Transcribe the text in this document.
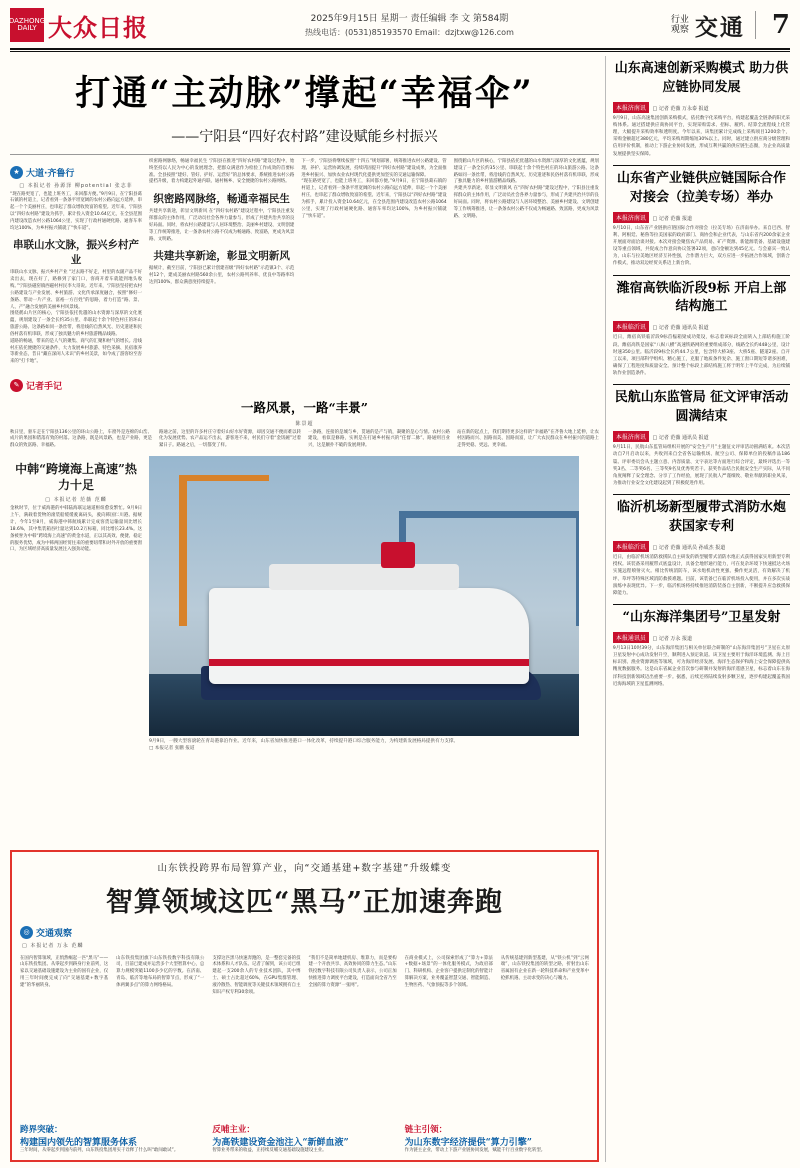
DAZHONG
DAILY 大众日报	2025年9月15日 星期一 责任编辑 李 文 第584期
热线电话：(0531)85193570 Email：dzjtxw@126.com
行业
观察 交通 7
打通“主动脉”撑起“幸福伞”
——宁阳县“四好农村路”建设赋能乡村振兴
★ 大道·齐鲁行
□ 本报记者 孙源泽 柳potential 张志菲
“现在路更宽了，也能上班务工，来回都方便。”9月9日，在宁阳县葛石镇的村道上，记者看到一条条平坦宽阔的农村公路向远方延伸，串起一个个美丽村庄，也串起了群众增收致富的希望。近年来，宁阳县以“四好农村路”建设为抓手，累计投入资金10.64亿元，在全县范围内建设改造农村公路1064公里，实现了行政村通硬化路、通客车率均达100%，为乡村振兴铺就了“快车道”。
串联山水文脉，振兴乡村产业
串联山水文脉，振兴乡村产业 “过去路不好走，村里的农副产品不好卖出去，现在好了，路修到了家门口，客商开着车就能到地头收购。”宁阳县磁窑镇西磁村村民李大哥说。近年来，宁阳县坚持把农村公路建设与产业发展、乡村旅游、文化传承深度融合，按照“修好一条路、带动一片产业、富裕一方百姓”的思路，着力打造“路、景、人、产”融合发展的美丽乡村风景线。
围绕鹤山片区的核心，宁阳县依托优越的山水资源与深厚的文化底蕴，规划建设了一条全长约35公里、串联起十余个特色村庄的环山旅游公路。这条路如同一条丝带，将沿线的自然风光、历史遗迹和民俗村落有机串联，形成了独具魅力的乡村旅游精品线路。
道路的畅通，带来的是人气的聚集、商气的汇聚和财气的增长。沿线村庄依托便捷的交通条件，大力发展乡村旅游、特色采摘、民宿康养等新业态，昔日“藏在深闺人未识”的乡村美景，如今成了游客纷至沓来的“打卡地”。
织密路网脉络，畅通幸福民生 宁阳县在推进“四好农村路”建设过程中，始终坚持以人民为中心的发展理念，把群众满意作为检验工作成效的首要标准。全县按照“建好、管好、护好、运营好”的总体要求，系统推进农村公路提档升级，着力构建起外通内联、通村畅乡、安全便捷的农村公路网络。
织密路网脉络，畅通幸福民生
共建共享新途，彰显文明新风 在“四好农村路”建设过程中，宁阳县注重发挥群众的主体作用，广泛动员社会各界力量参与，形成了共建共治共享的良好局面。同时，将农村公路建设与人居环境整治、美丽乡村建设、文明创建等工作统筹推进，让一条条农村公路不仅成为畅通路、致富路，更成为风景路、文明路。
共建共享新途，彰显文明新风
据统计，截至目前，宁阳县已累计创建省级“四好农村路”示范镇3个、示范村12个，建成美丽农村路560余公里，农村公路列养率、优良中等路率均达到100%，群众满意度持续提升。
下一步，宁阳县将继续按照“十四五”规划部署，统筹推进农村公路建设、管理、养护、运营协调发展，持续巩固提升“四好农村路”建设成果，为全面推进乡村振兴、加快农业农村现代化提供更加坚实的交通运输保障。
“现在路更宽了，也能上班务工，来回都方便。”9月9日，在宁阳县葛石镇的村道上，记者看到一条条平坦宽阔的农村公路向远方延伸，串起一个个美丽村庄，也串起了群众增收致富的希望。近年来，宁阳县以“四好农村路”建设为抓手，累计投入资金10.64亿元，在全县范围内建设改造农村公路1064公里，实现了行政村通硬化路、通客车率均达100%，为乡村振兴铺就了“快车道”。
围绕鹤山片区的核心，宁阳县依托优越的山水资源与深厚的文化底蕴，规划建设了一条全长约35公里、串联起十余个特色村庄的环山旅游公路。这条路如同一条丝带，将沿线的自然风光、历史遗迹和民俗村落有机串联，形成了独具魅力的乡村旅游精品线路。
共建共享新途，彰显文明新风 在“四好农村路”建设过程中，宁阳县注重发挥群众的主体作用，广泛动员社会各界力量参与，形成了共建共治共享的良好局面。同时，将农村公路建设与人居环境整治、美丽乡村建设、文明创建等工作统筹推进，让一条条农村公路不仅成为畅通路、致富路，更成为风景路、文明路。
✎ 记者手记
一路风景，一路“丰景”
陈景超
秋日里，驱车走在宁阳县136公里的环山公路上，车窗外是连绵的山峦、成片的果园和错落有致的村落。这条路，既是风景路，也是产业路，更是群众的致富路、幸福路。
路通之前，这里的许多村庄守着好山好水好资源，却因交通不便而难以转化为发展优势。农产品运不出去，游客进不来，村民们守着“金饭碗”过着紧日子。路通之后，一切都变了样。
一条路，连接的是城与乡，贯通的是产与销，凝聚的是心与情。农村公路建设，看似是修路，实则是在打通乡村振兴的“任督二脉”。路通则百业兴，这是颠扑不破的发展规律。
站在新的起点上，我们期待更多这样的“幸福路”在齐鲁大地上延伸，让农村因路而兴、因路而美、因路而富，让广大农民群众在乡村振兴的道路上走得更稳、更远、更幸福。
中韩“跨境海上高速”热力十足
□ 本报记者 范薇 范麟
金秋时节，位于威海港的中韩陆海联运通道枢纽愈发繁忙。9月9日上午，满载着货物的滚装船缓缓驶离码头，驶向韩国仁川港。据统计，今年1至8月，威海港中韩航线累计完成客货运输量同比增长18.6%，其中集装箱吞吐量达到10.2万标箱，同比增长23.4%。这条被誉为中韩“跨境海上高速”的黄金水道，正以其高效、便捷、稳定的服务优势，成为中韩两国经贸往来的重要纽带和对外开放的重要窗口，为区域经济高质量发展注入强劲动能。
9月9日，一艘大型客滚轮在青岛港靠泊作业。近年来，山东省加快推进港口一体化改革，持续提升港口综合服务能力，为构建新发展格局提供有力支撑。
□ 本报记者 张鹏 报道
山东铁投跨界布局智算产业，向“交通基建+数字基建”升级蝶变
智算领域这匹“黑马”正加速奔跑
◎ 交通观察
□ 本报记者 万永 范麟
在国内智算领域，正悄然崛起一匹“黑马”——山东铁投集团。从零起步到跻身行业前列，这家以交通基础设施建设为主业的国有企业，仅用三年时间便完成了向“交通基建+数字基建”的华丽转身。
山东铁投集团旗下山东铁投数字科技有限公司，目前已建成并运营多个大型智算中心，总算力规模突破1100多少亿的字数。在济南、青岛、临沂等地布局的智算节点，形成了“一体两翼多点”的算力网络格局。
支撑这匹黑马快速奔跑的，是一整套完备的技术体系和人才队伍。记者了解到，该公司已组建起一支200余人的专业技术团队，其中博士、硕士占比超过60%，在GPU集群管理、液冷散热、智能调度等关键技术领域拥有自主知识产权专利30余项。
“我们不是简单地建机房、堆算力，而是要构建一个开放共享、高效协同的算力生态。”山东铁投数字科技有限公司负责人表示，公司正加快推进算力调度平台建设，打造面向全省乃至全国的算力资源“一张网”。
在商业模式上，公司探索形成了“算力+算法+数据+场景”的一体化服务模式，为政府部门、科研机构、企业客户提供定制化的智能计算解决方案，业务覆盖智慧交通、智能制造、生物医药、气象预报等多个领域。
从传统基建到新型基建，从“铁公机”到“云网端”，山东铁投集团的转型之路，折射出山东省属国有企业在新一轮科技革命和产业变革中抢抓机遇、主动求变的决心与魄力。
跨界突破：
构建国内领先的智算服务体系
三年时间，从零起步到国内前列，山东铁投集团用实干诠释了什么叫“敢闯敢试”。
反哺主业：
为高铁建设资金池注入“新鲜血液”
智算业务带来的收益，正持续反哺交通基础设施建设主业。
链主引领：
为山东数字经济提供“算力引擎”
作为链主企业，带动上下游产业链协同发展，赋能千行百业数字化转型。
山东高速创新采购模式 助力供应链协同发展
本报济南讯 □ 记者 范薇 万永泰 报道
9月9日，山东高速集团创新采购模式，依托数字化采购平台，构建起覆盖全链条的阳光采购体系。通过搭建供应商协同平台，实现采购需求、招标、履约、结算全流程线上化管理，大幅提升采购效率和透明度。今年以来，该集团累计完成线上采购项目1200余个，采购金额超过380亿元，平均采购周期缩短30%以上。同时，通过建立供应商分级管理和信用评价机制，推动上下游企业协同发展，形成互利共赢的供应链生态圈，为企业高质量发展提供坚实保障。
山东省产业链供应链国际合作 对接会（拉美专场）举办
本报济南讯 □ 记者 范薇 报道
9月10日，山东省产业链供应链国际合作对接会（拉美专场）在济南举办。来自巴西、智利、阿根廷、秘鲁等拉美国家的政府部门、商协会和企业代表，与山东省内200余家企业开展面对面洽谈对接。本次对接会聚焦农产品贸易、矿产资源、新能源装备、基础设施建设等重点领域，共促成合作意向协议签署32项，意向金额达到45亿元。与会嘉宾一致认为，山东与拉美地区经济互补性强，合作潜力巨大，双方应进一步拓展合作领域，创新合作模式，推动双边经贸关系迈上新台阶。
潍宿高铁临沂段9标 开启上部结构施工
本报临沂讯 □ 记者 范薇 通讯员 报道
近日，潍宿高铁临沂段9标首榀箱梁成功架设，标志着该标段全面转入上部结构施工阶段。潍宿高铁是国家“八纵八横”高速铁路网的重要组成部分，线路全长约448公里，设计时速350公里。临沂段9标全长约44.7公里，包含特大桥3座、大桥5座、隧道2座。自开工以来，项目部科学组织、精心施工，克服了地质条件复杂、施工窗口期短等诸多困难，确保了工程进度和质量安全。预计整个标段上部结构施工将于明年上半年完成，为后续铺轨作业创造条件。
民航山东监管局 征文评审活动圆满结束
本报济南讯 □ 记者 范薇 通讯员 报道
9月11日，民航山东监管局组织开展的“安全生产月”主题征文评审活动圆满结束。本次活动自7月启动以来，共收到来自全省各运输机场、航空公司、保障单位的投稿作品186篇。评审委员会从主题立意、内容质量、文字表达等方面进行综合评定，最终评选出一等奖3名、二等奖6名、三等奖9名及优秀奖若干。获奖作品结合民航安全生产实际，从不同角度阐释了安全理念、分享了工作经验，展现了民航人严谨细致、敬业奉献的职业风采，为推动行业安全文化建设起到了积极促进作用。
临沂机场新型履带式消防水炮 获国家专利
本报临沂讯 □ 记者 范薇 通讯员 孙成杰 报道
近日，由临沂机场消防救援队自主研发的新型履带式消防水炮正式获得国家实用新型专利授权。该装备采用履带式底盘设计，具备全地形通行能力，可在复杂环境下快速抵达火场实施远程喷射灭火。相比传统消防车，该水炮机动性更强、操作更灵活，有效解决了机坪、草坪等特殊区域消防救援难题。目前，该装备已在临沂机场投入使用，并在多次实战演练中表现优异。下一步，临沂机场将持续推进消防装备自主创新，不断提升应急救援保障能力。
“山东海洋集团号”卫星发射
本报通讯员 □ 记者 万永 报道
9月13日10时39分，山东海洋集团与相关单位联合研制的“山东海洋集团号”卫星在太原卫星发射中心成功发射升空，顺利进入预定轨道。该卫星主要用于海洋环境监测、海上目标识别、渔业资源调查等领域，可为海洋经济发展、海洋生态保护和海上安全保障提供高精度数据服务。这是山东省属企业首次参与研制并发射的海洋遥感卫星，标志着山东在海洋科技创新领域迈出重要一步。据悉，后续还将陆续发射多颗卫星，逐步构建起覆盖我国近海海域的卫星监测网络。
